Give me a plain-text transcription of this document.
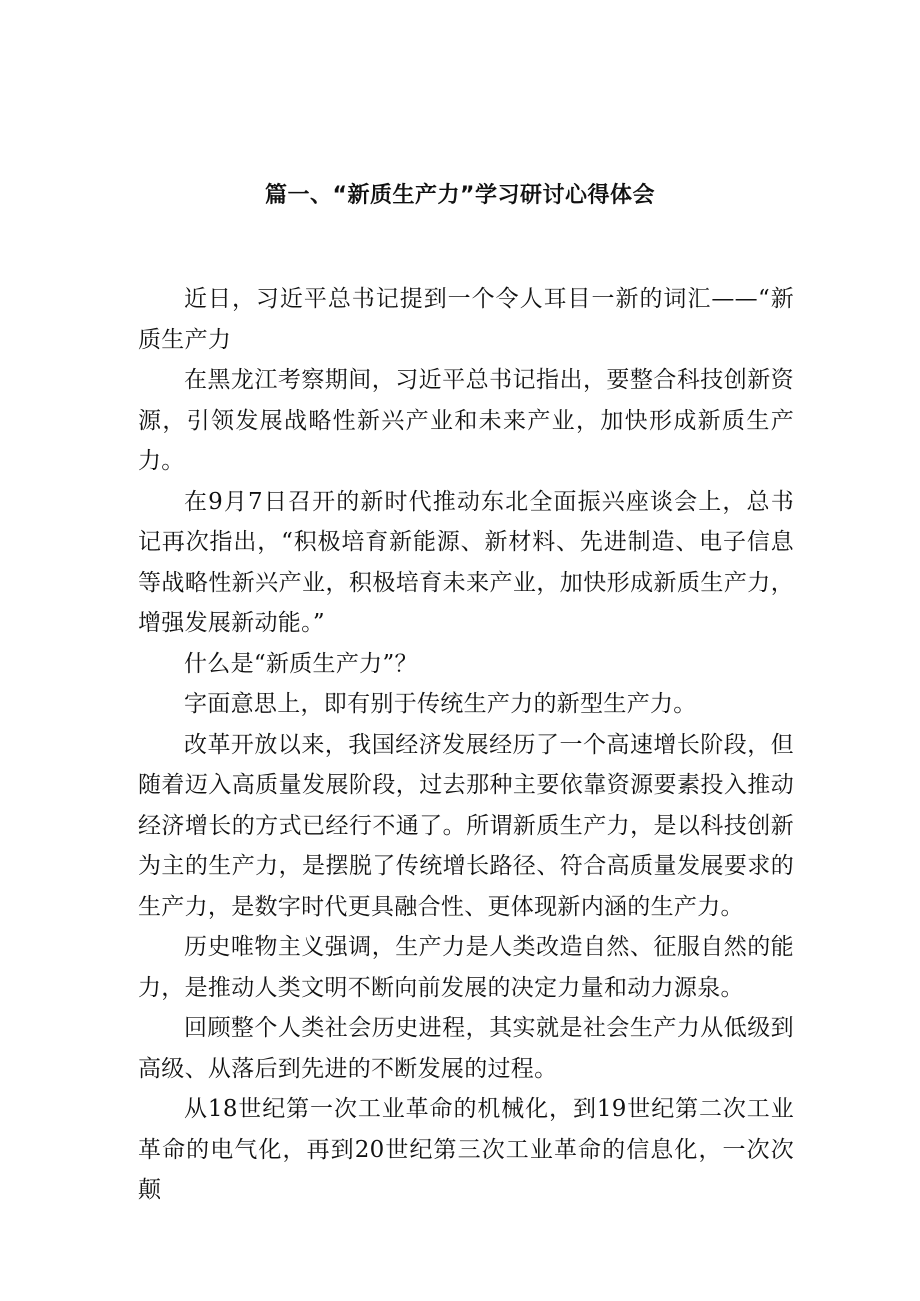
篇一、“新质生产力”学习研讨心得体会

近日，习近平总书记提到一个令人耳目一新的词汇——“新质生产力

在黑龙江考察期间，习近平总书记指出，要整合科技创新资源，引领发展战略性新兴产业和未来产业，加快形成新质生产力。

在9月7日召开的新时代推动东北全面振兴座谈会上，总书记再次指出，“积极培育新能源、新材料、先进制造、电子信息等战略性新兴产业，积极培育未来产业，加快形成新质生产力，增强发展新动能。”

什么是“新质生产力”？

字面意思上，即有别于传统生产力的新型生产力。

改革开放以来，我国经济发展经历了一个高速增长阶段，但随着迈入高质量发展阶段，过去那种主要依靠资源要素投入推动经济增长的方式已经行不通了。所谓新质生产力，是以科技创新为主的生产力，是摆脱了传统增长路径、符合高质量发展要求的生产力，是数字时代更具融合性、更体现新内涵的生产力。

历史唯物主义强调，生产力是人类改造自然、征服自然的能力，是推动人类文明不断向前发展的决定力量和动力源泉。

回顾整个人类社会历史进程，其实就是社会生产力从低级到高级、从落后到先进的不断发展的过程。

从18世纪第一次工业革命的机械化，到19世纪第二次工业革命的电气化，再到20世纪第三次工业革命的信息化，一次次颠
